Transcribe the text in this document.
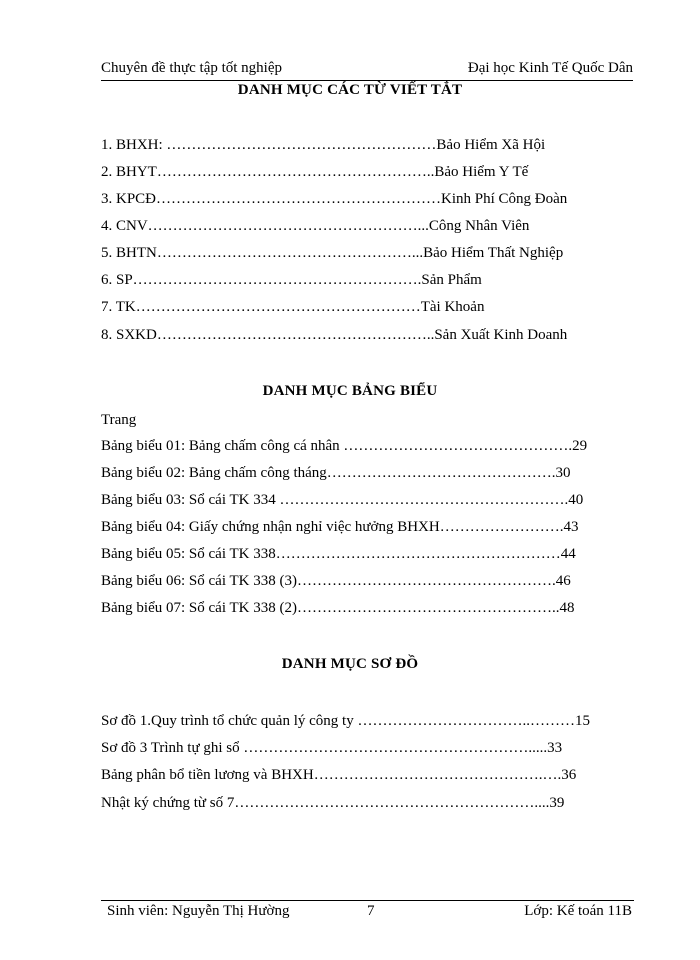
Chuyên đề thực tập tốt nghiệp	Đại học Kinh Tế Quốc Dân
DANH MỤC CÁC TỪ VIẾT TẮT
1. BHXH: ………………………………………………Bảo Hiểm Xã Hội
2. BHYT………………………………………………..Bảo Hiểm Y Tế
3. KPCĐ…………………………………………………Kinh Phí Công Đoàn
4. CNV………………………………………………...Công Nhân Viên
5. BHTN……………………………………………...Bảo Hiểm Thất Nghiệp
6. SP………………………………………………….Sản Phẩm
7. TK…………………………………………………Tài Khoản
8. SXKD………………………………………………..Sản Xuất Kinh Doanh
DANH MỤC BẢNG BIỂU
Trang
Bảng biểu 01: Bảng chấm công cá nhân ……………………………………….29
Bảng biểu 02: Bảng chấm công tháng……………………………………….30
Bảng biểu 03: Sổ cái TK 334 ………………………………………………….40
Bảng biểu 04: Giấy chứng nhận nghỉ việc hưởng BHXH…………………….43
Bảng biểu 05: Sổ cái TK 338…………………………………………………44
Bảng biểu 06: Sổ cái TK 338 (3)…………………………………………….46
Bảng biểu 07: Sổ cái TK 338 (2)……………………………………………..48
DANH MỤC SƠ ĐỒ
Sơ đồ 1.Quy trình tổ chức quản lý công ty ……………………………..………15
Sơ đồ 3 Trình tự ghi sổ ………………………………………………….....33
Bảng phân bổ tiền lương và BHXH……………………………………….….36
Nhật ký chứng từ số 7……………………………………………………....39
Sinh viên: Nguyễn Thị Hường	7	Lớp: Kế toán 11B
